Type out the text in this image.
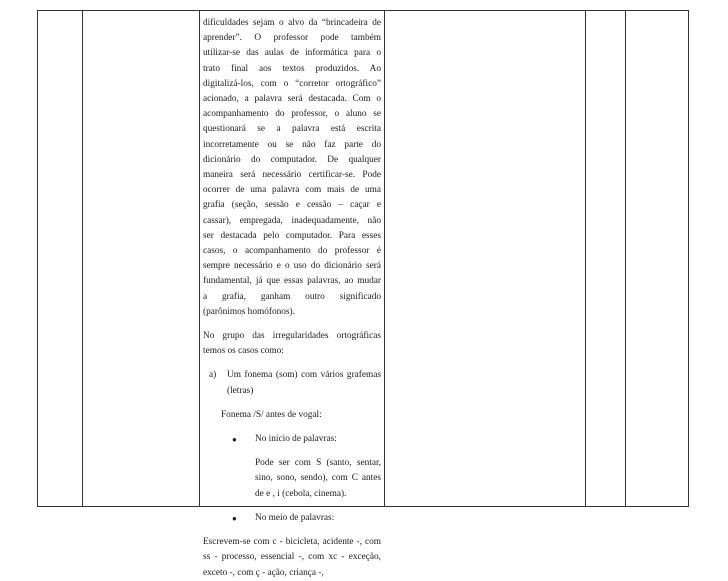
dificuldades sejam o alvo da “brincadeira de
aprender”. O professor pode também
utilizar-se das aulas de informática para o
trato final aos textos produzidos. Ao
digitalizá-los, com o “corretor ortográfico”
acionado, a palavra será destacada. Com o
acompanhamento do professor, o aluno se
questionará se a palavra está escrita
incorretamente ou se não faz parte do
dicionário do computador. De qualquer
maneira será necessário certificar-se. Pode
ocorrer de uma palavra com mais de uma
grafia (seção, sessão e cessão – caçar e
cassar), empregada, inadequadamente, não
ser destacada pelo computador. Para esses
casos, o acompanhamento do professor é
sempre necessário e o uso do dicionário será
fundamental, já que essas palavras, ao mudar
a grafia, ganham outro significado
(parônimos homófonos).

No grupo das irregularidades ortográficas temos os casos como:

a)	Um fonema (som) com vários grafemas (letras)
Fonema /S/ antes de vogal:
●	No início de palavras:
Pode ser com S (santo, sentar, sino, sono, sendo), com C antes de e , i (cebola, cinema).
●	No meio de palavras:

Escrevem-se com c - bicicleta, acidente -, com ss - processo, essencial -, com xc - exceção, exceto -, com ç - ação, criança -,
